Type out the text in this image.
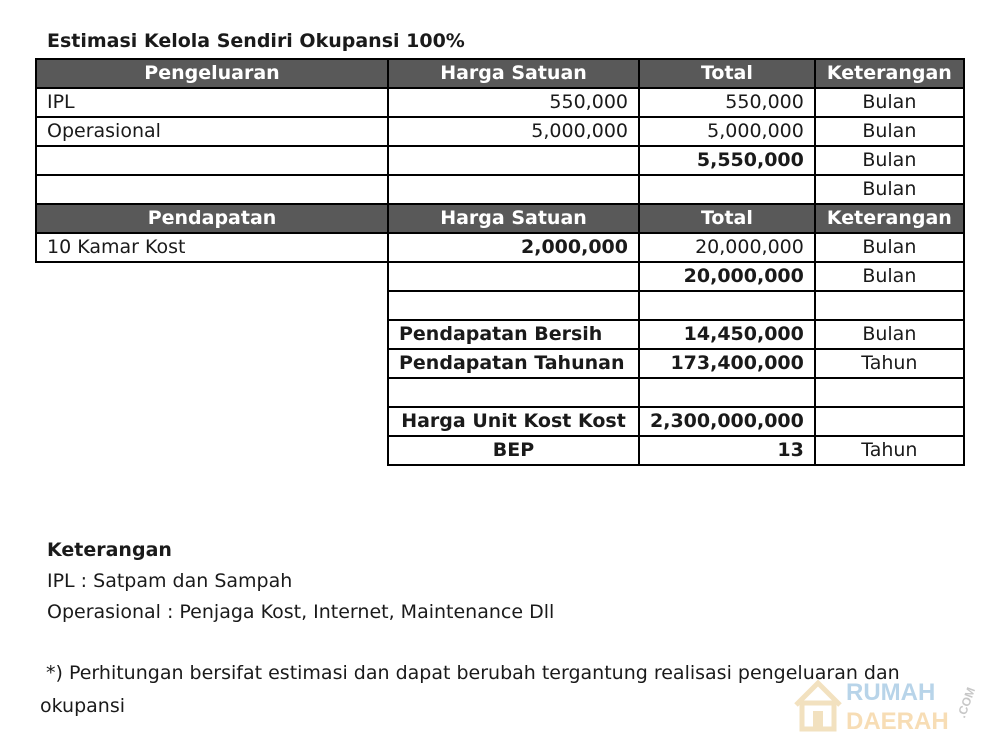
Estimasi Kelola Sendiri Okupansi 100%
Pengeluaran	Harga Satuan	Total	Keterangan
IPL	550,000	550,000	Bulan
Operasional	5,000,000	5,000,000	Bulan
		5,550,000	Bulan
			Bulan
Pendapatan	Harga Satuan	Total	Keterangan
10 Kamar Kost	2,000,000	20,000,000	Bulan
		20,000,000	Bulan

	Pendapatan Bersih	14,450,000	Bulan
	Pendapatan Tahunan	173,400,000	Tahun

	Harga Unit Kost Kost	2,300,000,000	
	BEP	13	Tahun
Keterangan
IPL : Satpam dan Sampah
Operasional : Penjaga Kost, Internet, Maintenance Dll
*) Perhitungan bersifat estimasi dan dapat berubah tergantung realisasi pengeluaran dan
okupansi	RUMAH
DAERAH
.COM
